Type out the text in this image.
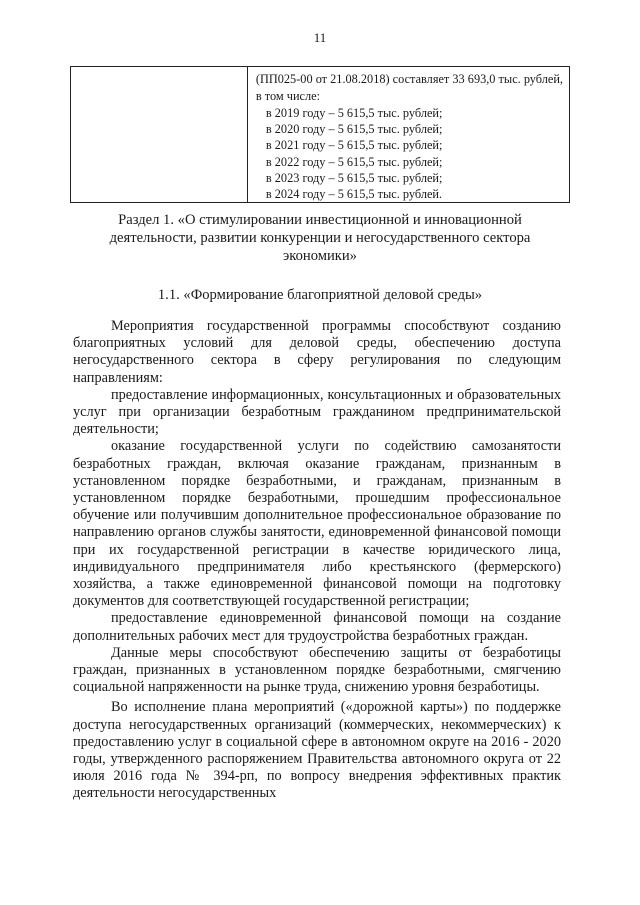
11

(ПП025-00 от 21.08.2018) составляет 33 693,0 тыс. рублей, в том числе:
в 2019 году – 5 615,5 тыс. рублей;
в 2020 году – 5 615,5 тыс. рублей;
в 2021 году – 5 615,5 тыс. рублей;
в 2022 году – 5 615,5 тыс. рублей;
в 2023 году – 5 615,5 тыс. рублей;
в 2024 году – 5 615,5 тыс. рублей.
Раздел 1. «О стимулировании инвестиционной и инновационной деятельности, развитии конкуренции и негосударственного сектора экономики»
1.1. «Формирование благоприятной деловой среды»

Мероприятия государственной программы способствуют созданию благоприятных условий для деловой среды, обеспечению доступа негосударственного сектора в сферу регулирования по следующим направлениям:

предоставление информационных, консультационных и образовательных услуг при организации безработным гражданином предпринимательской деятельности;

оказание государственной услуги по содействию самозанятости безработных граждан, включая оказание гражданам, признанным в установленном порядке безработными, и гражданам, признанным в установленном порядке безработными, прошедшим профессиональное обучение или получившим дополнительное профессиональное образование по направлению органов службы занятости, единовременной финансовой помощи при их государственной регистрации в качестве юридического лица, индивидуального предпринимателя либо крестьянского (фермерского) хозяйства, а также единовременной финансовой помощи на подготовку документов для соответствующей государственной регистрации;

предоставление единовременной финансовой помощи на создание дополнительных рабочих мест для трудоустройства безработных граждан.

Данные меры способствуют обеспечению защиты от безработицы граждан, признанных в установленном порядке безработными, смягчению социальной напряженности на рынке труда, снижению уровня безработицы.

Во исполнение плана мероприятий («дорожной карты») по поддержке доступа негосударственных организаций (коммерческих, некоммерческих) к предоставлению услуг в социальной сфере в автономном округе на 2016 - 2020 годы, утвержденного распоряжением Правительства автономного округа от 22 июля 2016 года № 394-рп, по вопросу внедрения эффективных практик деятельности негосударственных
